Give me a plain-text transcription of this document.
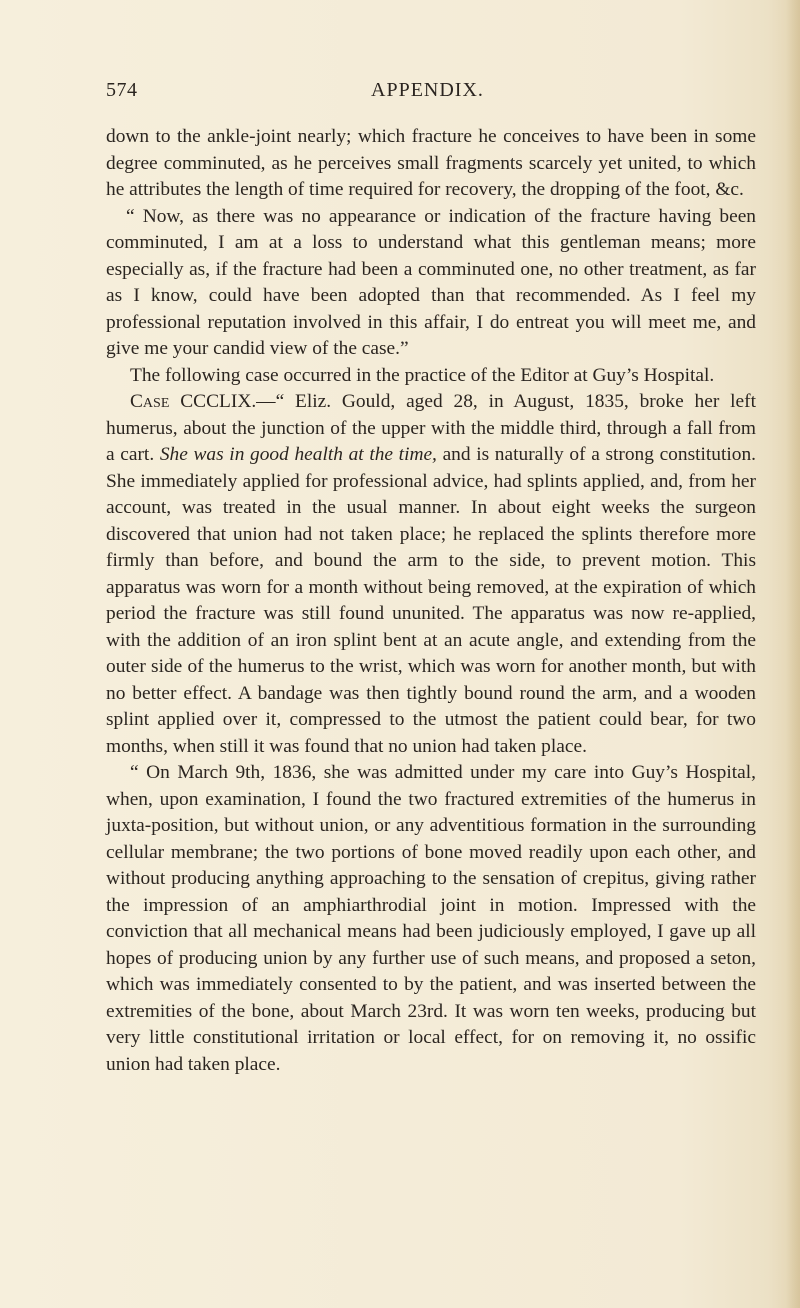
574	APPENDIX.

down to the ankle-joint nearly; which fracture he conceives to have been in some degree comminuted, as he perceives small fragments scarcely yet united, to which he attributes the length of time required for recovery, the dropping of the foot, &c.

“ Now, as there was no appearance or indication of the fracture having been comminuted, I am at a loss to understand what this gentleman means; more especially as, if the fracture had been a comminuted one, no other treatment, as far as I know, could have been adopted than that recommended. As I feel my professional reputation involved in this affair, I do entreat you will meet me, and give me your candid view of the case.”

The following case occurred in the practice of the Editor at Guy’s Hospital.

Case CCCLIX.—“ Eliz. Gould, aged 28, in August, 1835, broke her left humerus, about the junction of the upper with the middle third, through a fall from a cart. She was in good health at the time, and is naturally of a strong constitution. She immediately applied for professional advice, had splints applied, and, from her account, was treated in the usual manner. In about eight weeks the surgeon discovered that union had not taken place; he replaced the splints therefore more firmly than before, and bound the arm to the side, to prevent motion. This apparatus was worn for a month without being removed, at the expiration of which period the fracture was still found ununited. The apparatus was now re-applied, with the addition of an iron splint bent at an acute angle, and extending from the outer side of the humerus to the wrist, which was worn for another month, but with no better effect. A bandage was then tightly bound round the arm, and a wooden splint applied over it, compressed to the utmost the patient could bear, for two months, when still it was found that no union had taken place.

“ On March 9th, 1836, she was admitted under my care into Guy’s Hospital, when, upon examination, I found the two fractured extremities of the humerus in juxta-position, but without union, or any adventitious formation in the surrounding cellular membrane; the two portions of bone moved readily upon each other, and without producing anything approaching to the sensation of crepitus, giving rather the impression of an amphiarthrodial joint in motion. Impressed with the conviction that all mechanical means had been judiciously employed, I gave up all hopes of producing union by any further use of such means, and proposed a seton, which was immediately consented to by the patient, and was inserted between the extremities of the bone, about March 23rd. It was worn ten weeks, producing but very little constitutional irritation or local effect, for on removing it, no ossific union had taken place.
